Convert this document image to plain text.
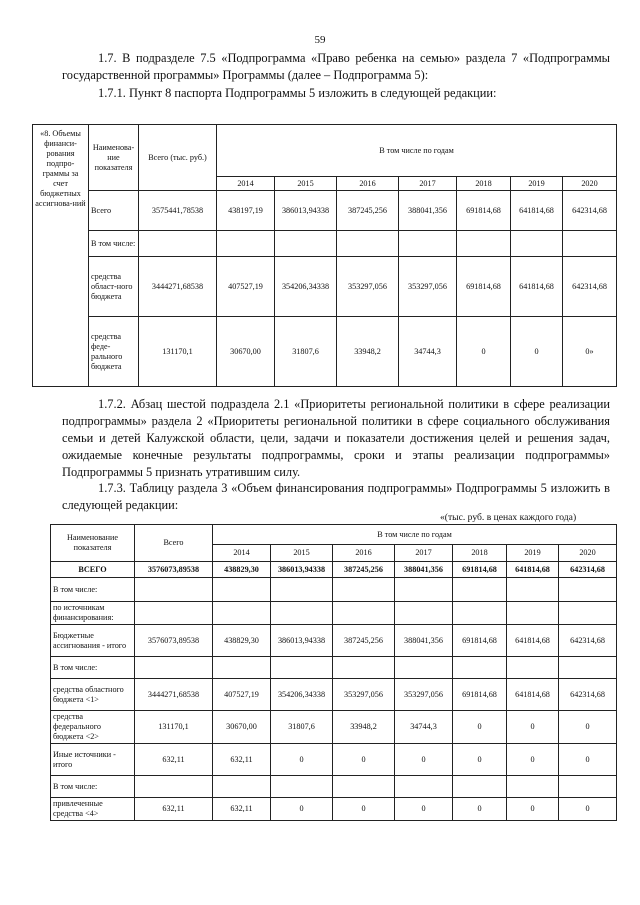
59
1.7. В подразделе 7.5 «Подпрограмма «Право ребенка на семью» раздела 7 «Подпрограммы государственной программы» Программы (далее – Подпрограмма 5):
1.7.1. Пункт 8 паспорта Подпрограммы 5 изложить в следующей редакции:
«8. Объемы финанси-рования подпро-граммы за счет бюджетных ассигнова-ний	Наименова-ние показателя	Всего (тыс. руб.)	В том числе по годам						
			2014	2015	2016	2017	2018	2019	2020
	Всего	3575441,78538	438197,19	386013,94338	387245,256	388041,356	691814,68	641814,68	642314,68
	В том числе:								
	средства област-ного бюджета	3444271,68538	407527,19	354206,34338	353297,056	353297,056	691814,68	641814,68	642314,68
	средства феде-рального бюджета	131170,1	30670,00	31807,6	33948,2	34744,3	0	0	0»
1.7.2. Абзац шестой подраздела 2.1 «Приоритеты региональной политики в сфере реализации подпрограммы» раздела 2 «Приоритеты региональной политики в сфере социального обслуживания семьи и детей Калужской области, цели, задачи и показатели достижения целей и решения задач, ожидаемые конечные результаты подпрограммы, сроки и этапы реализации подпрограммы» Подпрограммы 5 признать утратившим силу.
1.7.3. Таблицу раздела 3 «Объем финансирования подпрограммы» Подпрограммы 5 изложить в следующей редакции:
«(тыс. руб. в ценах каждого года)
Наименование показателя	Всего	В том числе по годам						
		2014	2015	2016	2017	2018	2019	2020
ВСЕГО	3576073,89538	438829,30	386013,94338	387245,256	388041,356	691814,68	641814,68	642314,68
В том числе:								
по источникам финансирования:								
Бюджетные ассигнования - итого	3576073,89538	438829,30	386013,94338	387245,256	388041,356	691814,68	641814,68	642314,68
В том числе:								
средства областного бюджета <1>	3444271,68538	407527,19	354206,34338	353297,056	353297,056	691814,68	641814,68	642314,68
средства федерального бюджета <2>	131170,1	30670,00	31807,6	33948,2	34744,3	0	0	0
Иные источники - итого	632,11	632,11	0	0	0	0	0	0
В том числе:								
привлеченные средства <4>	632,11	632,11	0	0	0	0	0	0
